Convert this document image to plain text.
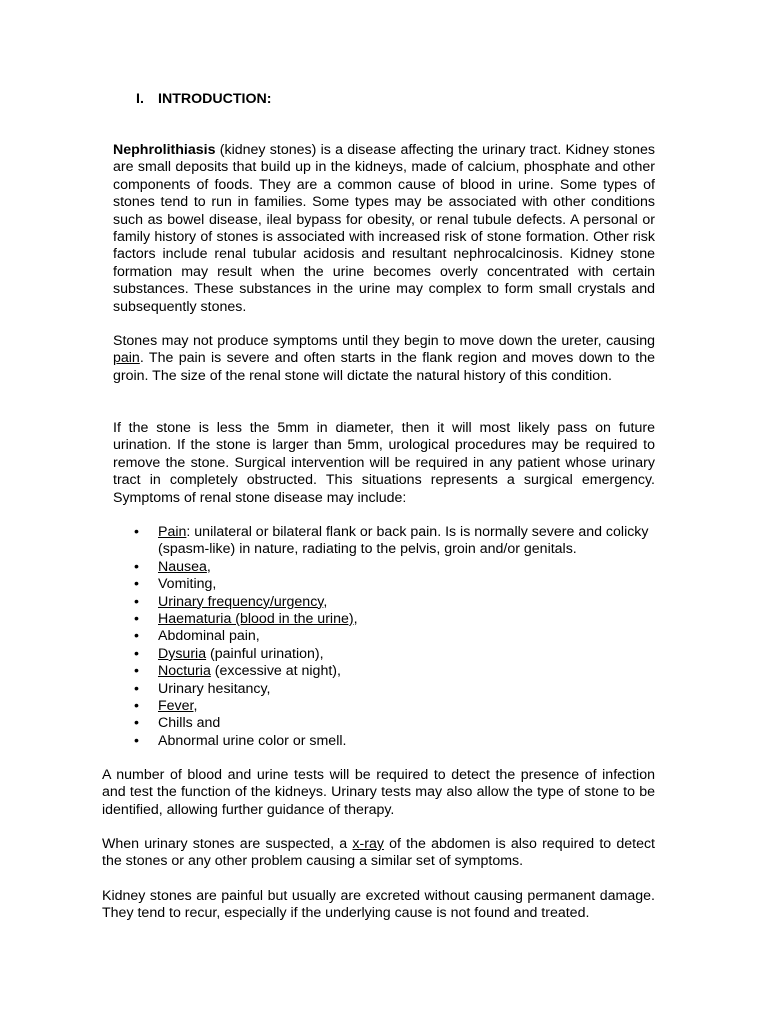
I. INTRODUCTION:

Nephrolithiasis (kidney stones) is a disease affecting the urinary tract. Kidney stones are small deposits that build up in the kidneys, made of calcium, phosphate and other components of foods. They are a common cause of blood in urine. Some types of stones tend to run in families. Some types may be associated with other conditions such as bowel disease, ileal bypass for obesity, or renal tubule defects. A personal or family history of stones is associated with increased risk of stone formation. Other risk factors include renal tubular acidosis and resultant nephrocalcinosis. Kidney stone formation may result when the urine becomes overly concentrated with certain substances. These substances in the urine may complex to form small crystals and subsequently stones.

Stones may not produce symptoms until they begin to move down the ureter, causing pain. The pain is severe and often starts in the flank region and moves down to the groin. The size of the renal stone will dictate the natural history of this condition.

If the stone is less the 5mm in diameter, then it will most likely pass on future urination. If the stone is larger than 5mm, urological procedures may be required to remove the stone. Surgical intervention will be required in any patient whose urinary tract in completely obstructed. This situations represents a surgical emergency. Symptoms of renal stone disease may include:

• Pain: unilateral or bilateral flank or back pain. Is is normally severe and colicky (spasm-like) in nature, radiating to the pelvis, groin and/or genitals.
• Nausea,
• Vomiting,
• Urinary frequency/urgency,
• Haematuria (blood in the urine),
• Abdominal pain,
• Dysuria (painful urination),
• Nocturia (excessive at night),
• Urinary hesitancy,
• Fever,
• Chills and
• Abnormal urine color or smell.

A number of blood and urine tests will be required to detect the presence of infection and test the function of the kidneys. Urinary tests may also allow the type of stone to be identified, allowing further guidance of therapy.

When urinary stones are suspected, a x-ray of the abdomen is also required to detect the stones or any other problem causing a similar set of symptoms.

Kidney stones are painful but usually are excreted without causing permanent damage. They tend to recur, especially if the underlying cause is not found and treated.
